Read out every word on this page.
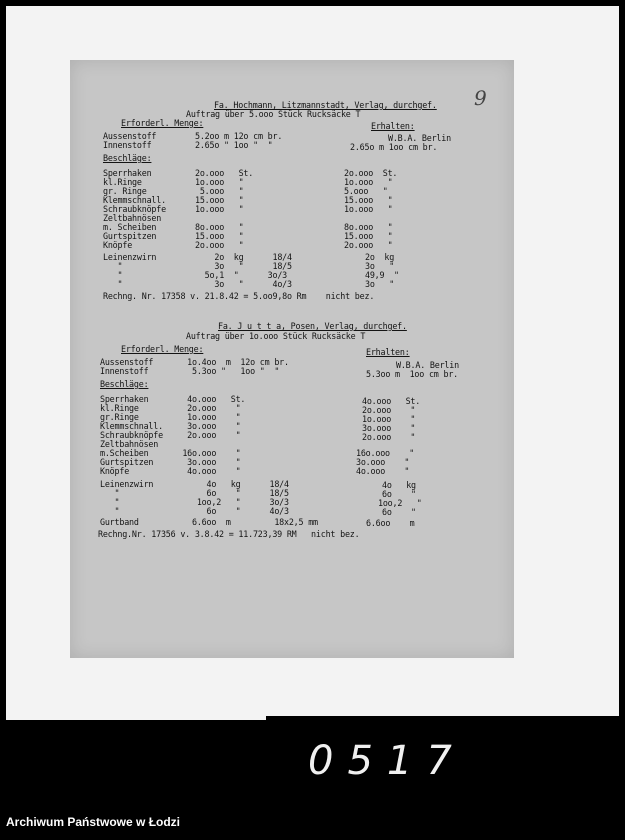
9
Fa. Hochmann, Litzmannstadt, Verlag, durchgef.
Auftrag über 5.ooo Stück Rucksäcke T
Erforderl. Menge:	Erhalten:
Aussenstoff        5.2oo m 12o cm br.	W.B.A. Berlin
Innenstoff         2.65o " 1oo "  "	2.65o m 1oo cm br.
Beschläge:
Sperrhaken         2o.ooo   St.	2o.ooo  St.
kl.Ringe           1o.ooo   "	1o.ooo   "
gr. Ringe           5.ooo   "	5.ooo   "
Klemmschnall.      15.ooo   "	15.ooo   "
Schraubknöpfe      1o.ooo   "	1o.ooo   "
Zeltbahnösen
m. Scheiben        8o.ooo   "	8o.ooo   "
Gurtspitzen        15.ooo   "	15.ooo   "
Knöpfe             2o.ooo   "	2o.ooo   "
Leinenzwirn            2o  kg      18/4	2o  kg
"                   3o   "      18/5	3o   "
"                 5o,1  "      3o/3	49,9  "
"                   3o   "      4o/3	3o   "
Rechng. Nr. 17358 v. 21.8.42 = 5.oo9,8o Rm    nicht bez.
Fa. J u t t a, Posen, Verlag, durchgef.
Auftrag über 1o.ooo Stück Rucksäcke T
Erforderl. Menge:	Erhalten:
Aussenstoff       1o.4oo  m  12o cm br.	W.B.A. Berlin
Innenstoff         5.3oo "   1oo "  "	5.3oo m  1oo cm br.
Beschläge:
Sperrhaken        4o.ooo   St.	4o.ooo   St.
kl.Ringe          2o.ooo    "	2o.ooo    "
gr.Ringe          1o.ooo    "	1o.ooo    "
Klemmschnall.     3o.ooo    "	3o.ooo    "
Schraubknöpfe     2o.ooo    "	2o.ooo    "
Zeltbahnösen
m.Scheiben       16o.ooo    "	16o.ooo    "
Gurtspitzen       3o.ooo    "	3o.ooo    "
Knöpfe            4o.ooo    "	4o.ooo    "
Leinenzwirn           4o   kg      18/4	4o   kg
"                  6o    "      18/5	6o    "
"                1oo,2   "      3o/3	1oo,2   "
"                  6o    "      4o/3	6o    "
Gurtband           6.6oo  m         18x2,5 mm	6.6oo    m
Rechng.Nr. 17356 v. 3.8.42 = 11.723,39 RM   nicht bez.
0517
Archiwum Państwowe w Łodzi
